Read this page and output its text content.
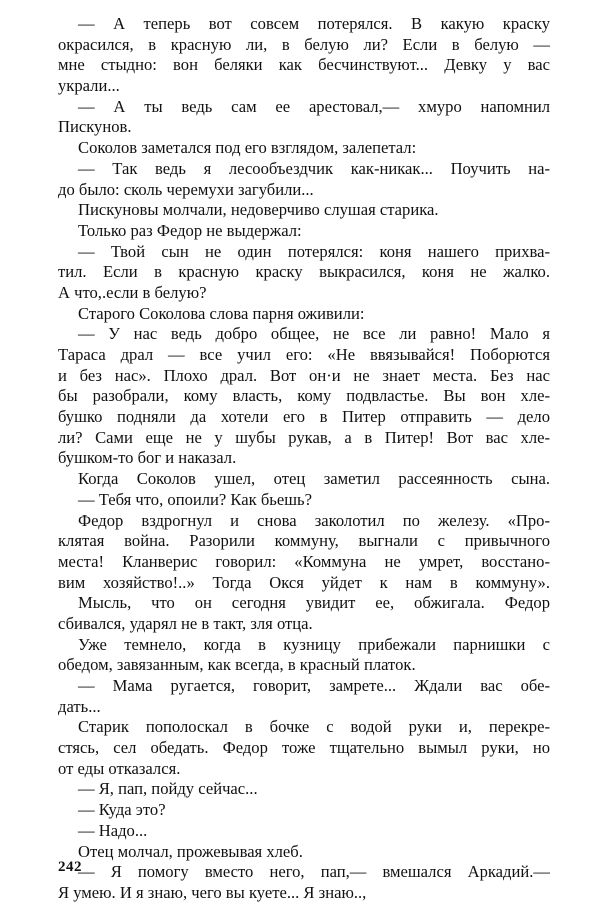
— А теперь вот совсем потерялся. В какую краску
окрасился, в красную ли, в белую ли? Если в белую —
мне стыдно: вон беляки как бесчинствуют... Девку у вас
украли...
— А ты ведь сам ее арестовал,— хмуро напомнил
Пискунов.
Соколов заметался под его взглядом, залепетал:
— Так ведь я лесообъездчик как-никак... Поучить на-
до было: сколь черемухи загубили...
Пискуновы молчали, недоверчиво слушая старика.
Только раз Федор не выдержал:
— Твой сын не один потерялся: коня нашего прихва-
тил. Если в красную краску выкрасился, коня не жалко.
А что,.если в белую?
Старого Соколова слова парня оживили:
— У нас ведь добро общее, не все ли равно! Мало я
Тараса драл — все учил его: «Не ввязывайся! Поборются
и без нас». Плохо драл. Вот он·и не знает места. Без нас
бы разобрали, кому власть, кому подвластье. Вы вон хле-
бушко подняли да хотели его в Питер отправить — дело
ли? Сами еще не у шубы рукав, а в Питер! Вот вас хле-
бушком-то бог и наказал.
Когда Соколов ушел, отец заметил рассеянность сына.
— Тебя что, опоили? Как бьешь?
Федор вздрогнул и снова заколотил по железу. «Про-
клятая война. Разорили коммуну, выгнали с привычного
места! Кланверис говорил: «Коммуна не умрет, восстано-
вим хозяйство!..» Тогда Окся уйдет к нам в коммуну».
Мысль, что он сегодня увидит ее, обжигала. Федор
сбивался, ударял не в такт, зля отца.
Уже темнело, когда в кузницу прибежали парнишки с
обедом, завязанным, как всегда, в красный платок.
— Мама ругается, говорит, замрете... Ждали вас обе-
дать...
Старик пополоскал в бочке с водой руки и, перекре-
стясь, сел обедать. Федор тоже тщательно вымыл руки, но
от еды отказался.
— Я, пап, пойду сейчас...
— Куда это?
— Надо...
Отец молчал, прожевывая хлеб.
— Я помогу вместо него, пап,— вмешался Аркадий.—
Я умею. И я знаю, чего вы куете... Я знаю..,
242
